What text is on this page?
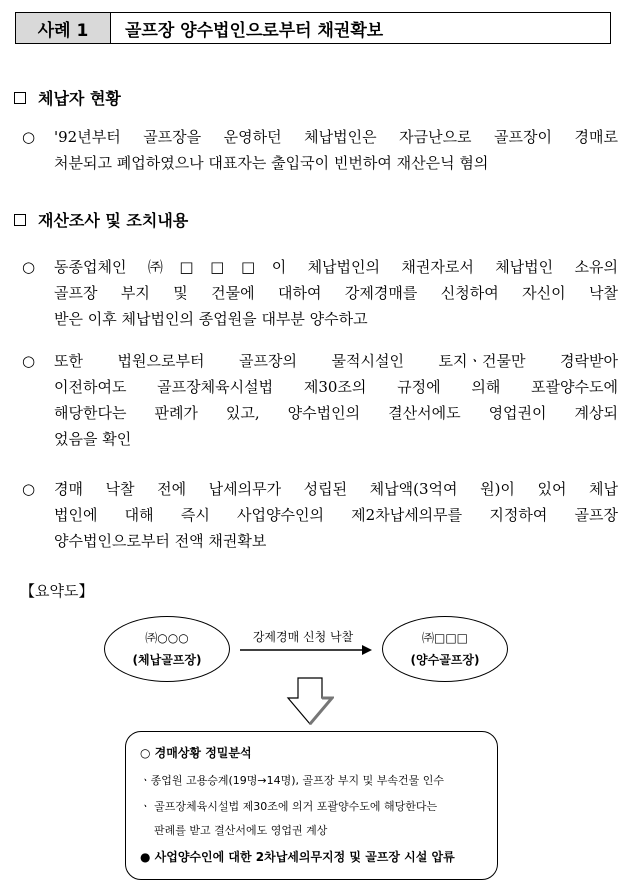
사례 1	골프장 양수법인으로부터 채권확보
체납자 현황
○ '92년부터 골프장을 운영하던 체납법인은 자금난으로 골프장이 경매로
처분되고 폐업하였으나 대표자는 출입국이 빈번하여 재산은닉 혐의
재산조사 및 조치내용
○ 동종업체인 ㈜□□□이 체납법인의 채권자로서 체납법인 소유의
골프장 부지 및 건물에 대하여 강제경매를 신청하여 자신이 낙찰
받은 이후 체납법인의 종업원을 대부분 양수하고
○ 또한 법원으로부터 골프장의 물적시설인 토지ㆍ건물만 경락받아
이전하여도 골프장체육시설법 제30조의 규정에 의해 포괄양수도에
해당한다는 판례가 있고, 양수법인의 결산서에도 영업권이 계상되
었음을 확인
○ 경매 낙찰 전에 납세의무가 성립된 체납액(3억여 원)이 있어 체납
법인에 대해 즉시 사업양수인의 제2차납세의무를 지정하여 골프장
양수법인으로부터 전액 채권확보
【요약도】
㈜○○○
(체납골프장)
강제경매 신청 낙찰	㈜□□□
(양수골프장)
○ 경매상황 정밀분석
ㆍ종업원 고용승계(19명→14명), 골프장 부지 및 부속건물 인수
ㆍ 골프장체육시설법 제30조에 의거 포괄양수도에 해당한다는
판례를 받고 결산서에도 영업권 계상
● 사업양수인에 대한 2차납세의무지정 및 골프장 시설 압류
